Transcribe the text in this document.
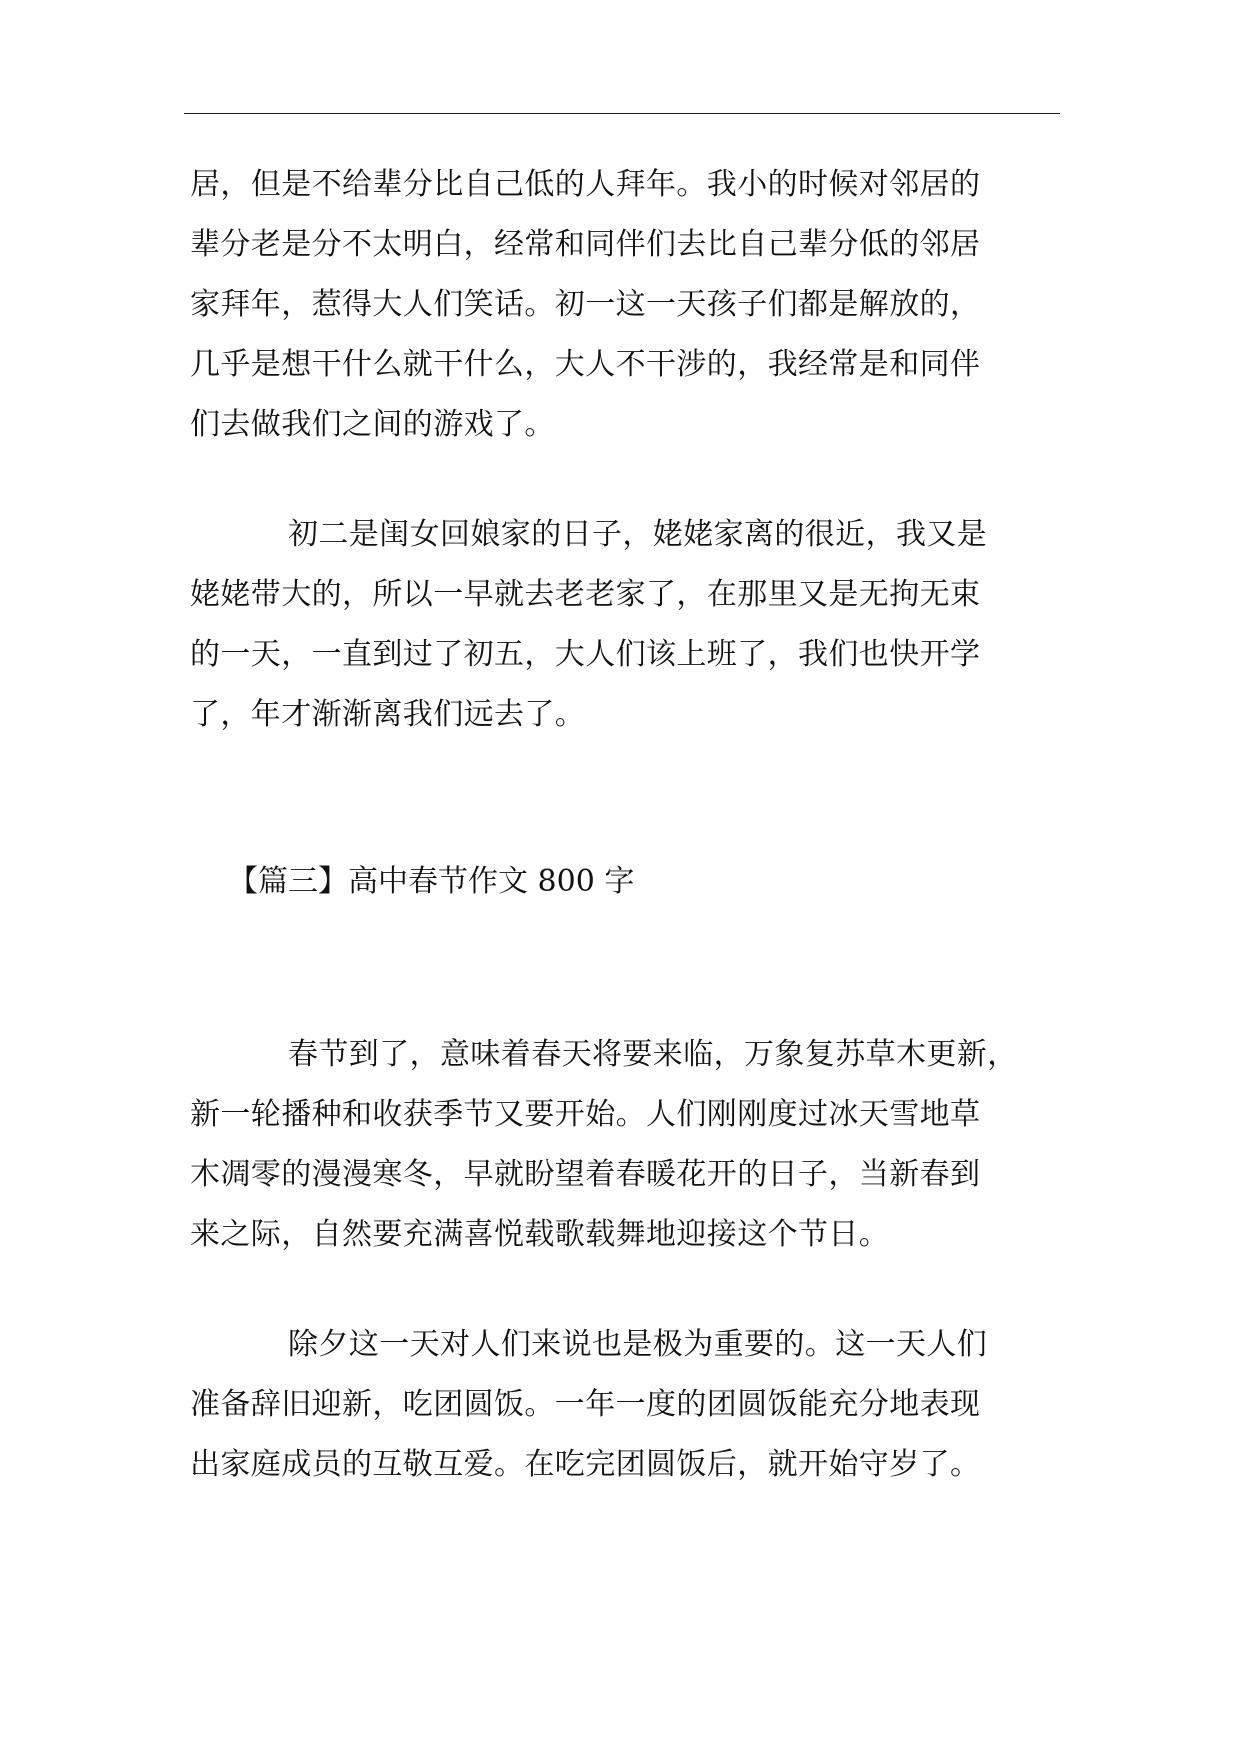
居，但是不给辈分比自己低的人拜年。我小的时候对邻居的
辈分老是分不太明白，经常和同伴们去比自己辈分低的邻居
家拜年，惹得大人们笑话。初一这一天孩子们都是解放的，
几乎是想干什么就干什么，大人不干涉的，我经常是和同伴
们去做我们之间的游戏了。
初二是闺女回娘家的日子，姥姥家离的很近，我又是
姥姥带大的，所以一早就去老老家了，在那里又是无拘无束
的一天，一直到过了初五，大人们该上班了，我们也快开学
了，年才渐渐离我们远去了。
【篇三】高中春节作文 800 字
春节到了，意味着春天将要来临，万象复苏草木更新，
新一轮播种和收获季节又要开始。人们刚刚度过冰天雪地草
木凋零的漫漫寒冬，早就盼望着春暖花开的日子，当新春到
来之际，自然要充满喜悦载歌载舞地迎接这个节日。
除夕这一天对人们来说也是极为重要的。这一天人们
准备辞旧迎新，吃团圆饭。一年一度的团圆饭能充分地表现
出家庭成员的互敬互爱。在吃完团圆饭后，就开始守岁了。
